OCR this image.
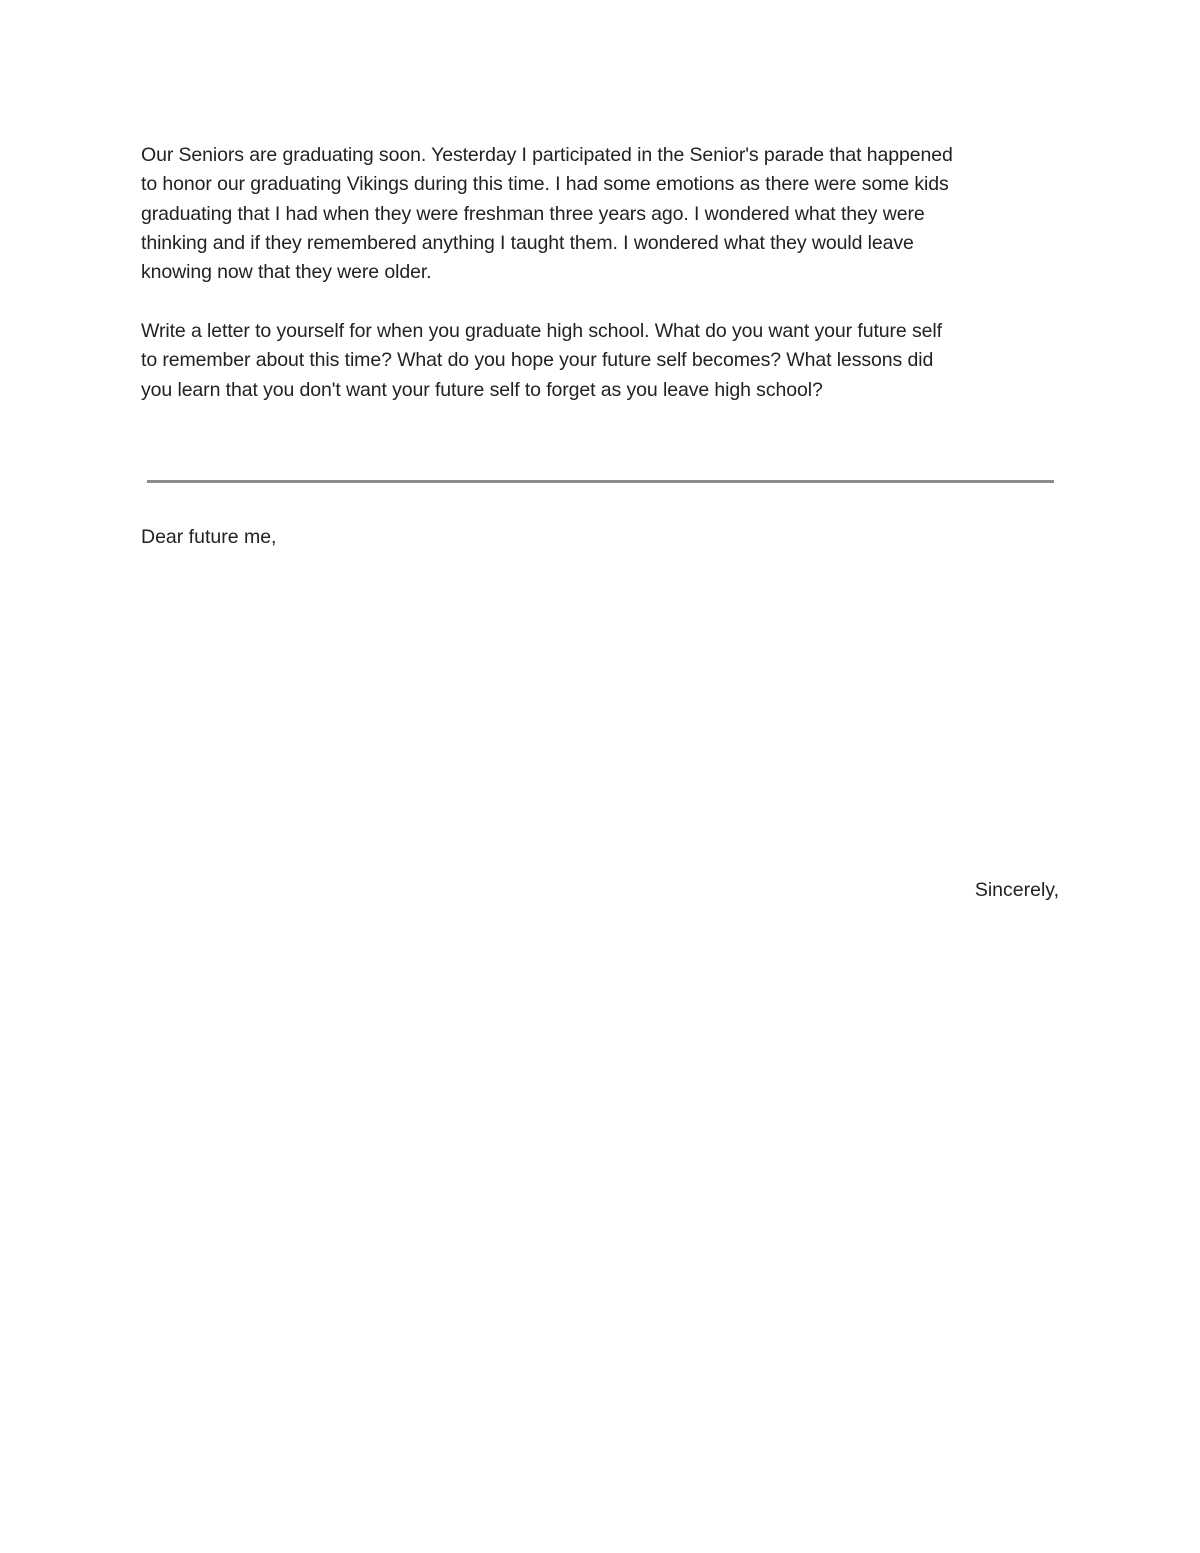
Our Seniors are graduating soon. Yesterday I participated in the Senior's parade that happened
to honor our graduating Vikings during this time. I had some emotions as there were some kids
graduating that I had when they were freshman three years ago. I wondered what they were
thinking and if they remembered anything I taught them. I wondered what they would leave
knowing now that they were older.

Write a letter to yourself for when you graduate high school. What do you want your future self
to remember about this time? What do you hope your future self becomes? What lessons did
you learn that you don't want your future self to forget as you leave high school?

Dear future me,

Sincerely,
